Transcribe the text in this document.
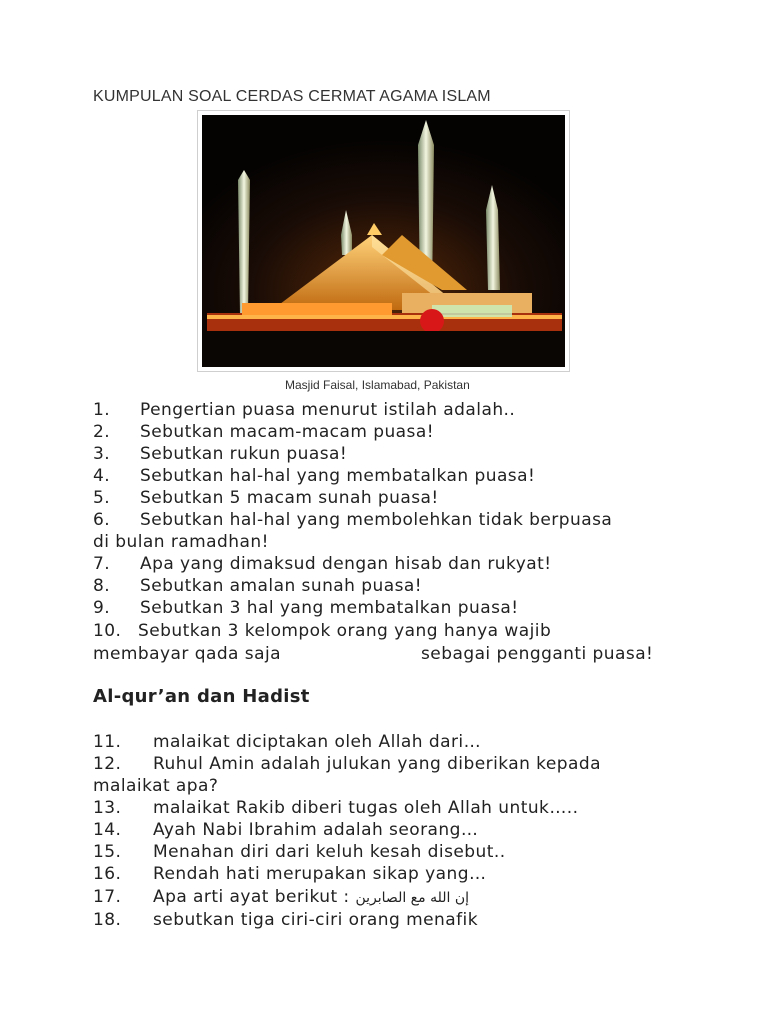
KUMPULAN SOAL CERDAS CERMAT AGAMA ISLAM
Masjid Faisal, Islamabad, Pakistan
1. Pengertian puasa menurut istilah adalah..
2. Sebutkan macam-macam puasa!
3. Sebutkan rukun puasa!
4. Sebutkan hal-hal yang membatalkan puasa!
5. Sebutkan 5 macam sunah puasa!
6. Sebutkan hal-hal yang membolehkan tidak berpuasa
di bulan ramadhan!
7. Apa yang dimaksud dengan hisab dan rukyat!
8. Sebutkan amalan sunah puasa!
9. Sebutkan 3 hal yang membatalkan puasa!
10. Sebutkan 3 kelompok orang yang hanya wajib
membayar qada saja	sebagai pengganti puasa!
Al-qur’an dan Hadist
11. malaikat diciptakan oleh Allah dari…
12. Ruhul Amin adalah julukan yang diberikan kepada
malaikat apa?
13. malaikat Rakib diberi tugas oleh Allah untuk…..
14. Ayah Nabi Ibrahim adalah seorang…
15. Menahan diri dari keluh kesah disebut..
16. Rendah hati merupakan sikap yang…
17. Apa arti ayat berikut : إن الله مع الصابرين
18. sebutkan tiga ciri-ciri orang menafik
